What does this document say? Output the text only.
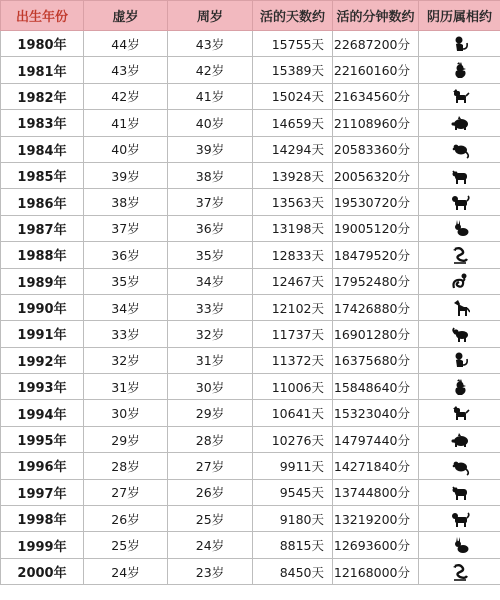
出生年份	虚岁	周岁	活的天数约	活的分钟数约	阴历属相约
1980年	44岁	43岁	15755天	22687200分	

1981年	43岁	42岁	15389天	22160160分	

1982年	42岁	41岁	15024天	21634560分	

1983年	41岁	40岁	14659天	21108960分	

1984年	40岁	39岁	14294天	20583360分	

1985年	39岁	38岁	13928天	20056320分	

1986年	38岁	37岁	13563天	19530720分	

1987年	37岁	36岁	13198天	19005120分	

1988年	36岁	35岁	12833天	18479520分	

1989年	35岁	34岁	12467天	17952480分	

1990年	34岁	33岁	12102天	17426880分	

1991年	33岁	32岁	11737天	16901280分	

1992年	32岁	31岁	11372天	16375680分	

1993年	31岁	30岁	11006天	15848640分	

1994年	30岁	29岁	10641天	15323040分	

1995年	29岁	28岁	10276天	14797440分	

1996年	28岁	27岁	9911天	14271840分	

1997年	27岁	26岁	9545天	13744800分	

1998年	26岁	25岁	9180天	13219200分	

1999年	25岁	24岁	8815天	12693600分	

2000年	24岁	23岁	8450天	12168000分	
